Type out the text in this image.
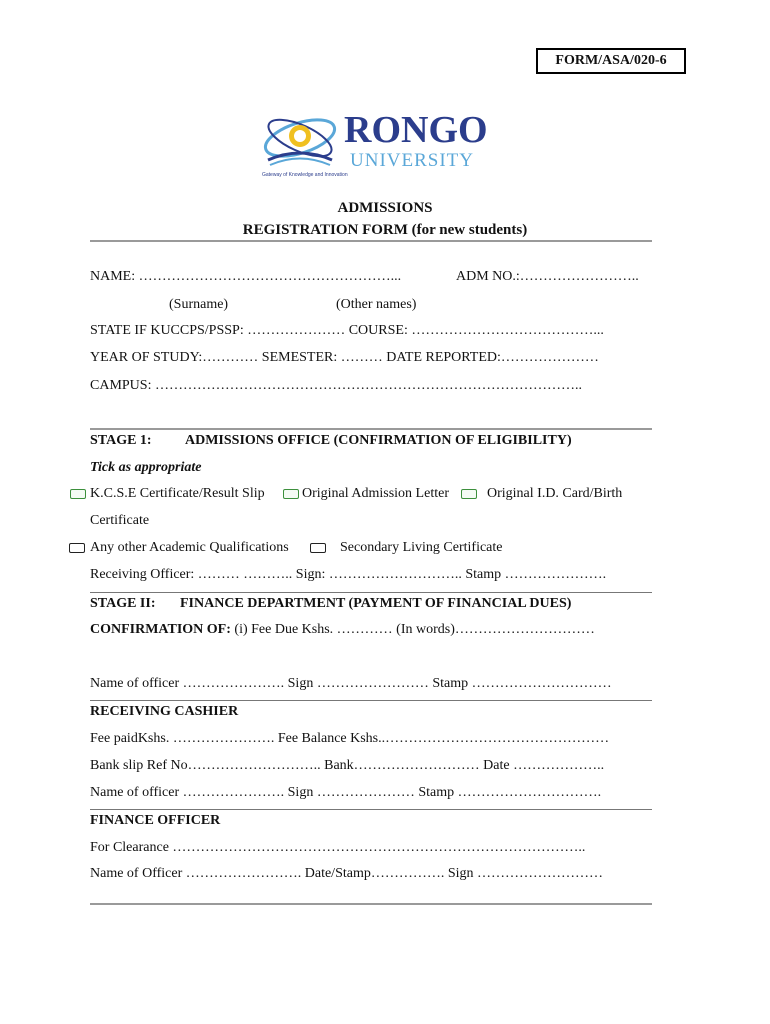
FORM/ASA/020-6
RONGO
UNIVERSITY
Gateway of Knowledge and Innovation
ADMISSIONS
REGISTRATION FORM (for new students)
NAME: ………………………………………………...	ADM NO.:……………………..
(Surname)	(Other names)
STATE IF KUCCPS/PSSP: ………………… COURSE: …………………………………...
YEAR OF STUDY:………… SEMESTER: ……… DATE REPORTED:…………………
CAMPUS: ………………………………………………………………………………..
STAGE 1: ADMISSIONS OFFICE (CONFIRMATION OF ELIGIBILITY)
Tick as appropriate
K.C.S.E Certificate/Result Slip	Original Admission Letter	Original I.D. Card/Birth
Certificate
Any other Academic Qualifications	Secondary Living Certificate
Receiving Officer: ……… ……….. Sign: ……………………….. Stamp ………………….
STAGE II: FINANCE DEPARTMENT (PAYMENT OF FINANCIAL DUES)
CONFIRMATION OF: (i) Fee Due Kshs. ………… (In words)…………………………
Name of officer …………………. Sign …………………… Stamp …………………………
RECEIVING CASHIER
Fee paidKshs. …………………. Fee Balance Kshs..…………………………………………
Bank slip Ref No……………………….. Bank……………………… Date ………………..
Name of officer …………………. Sign ………………… Stamp ………………………….
FINANCE OFFICER
For Clearance ……………………………………………………………………………..
Name of Officer ……………………. Date/Stamp……………. Sign ………………………
